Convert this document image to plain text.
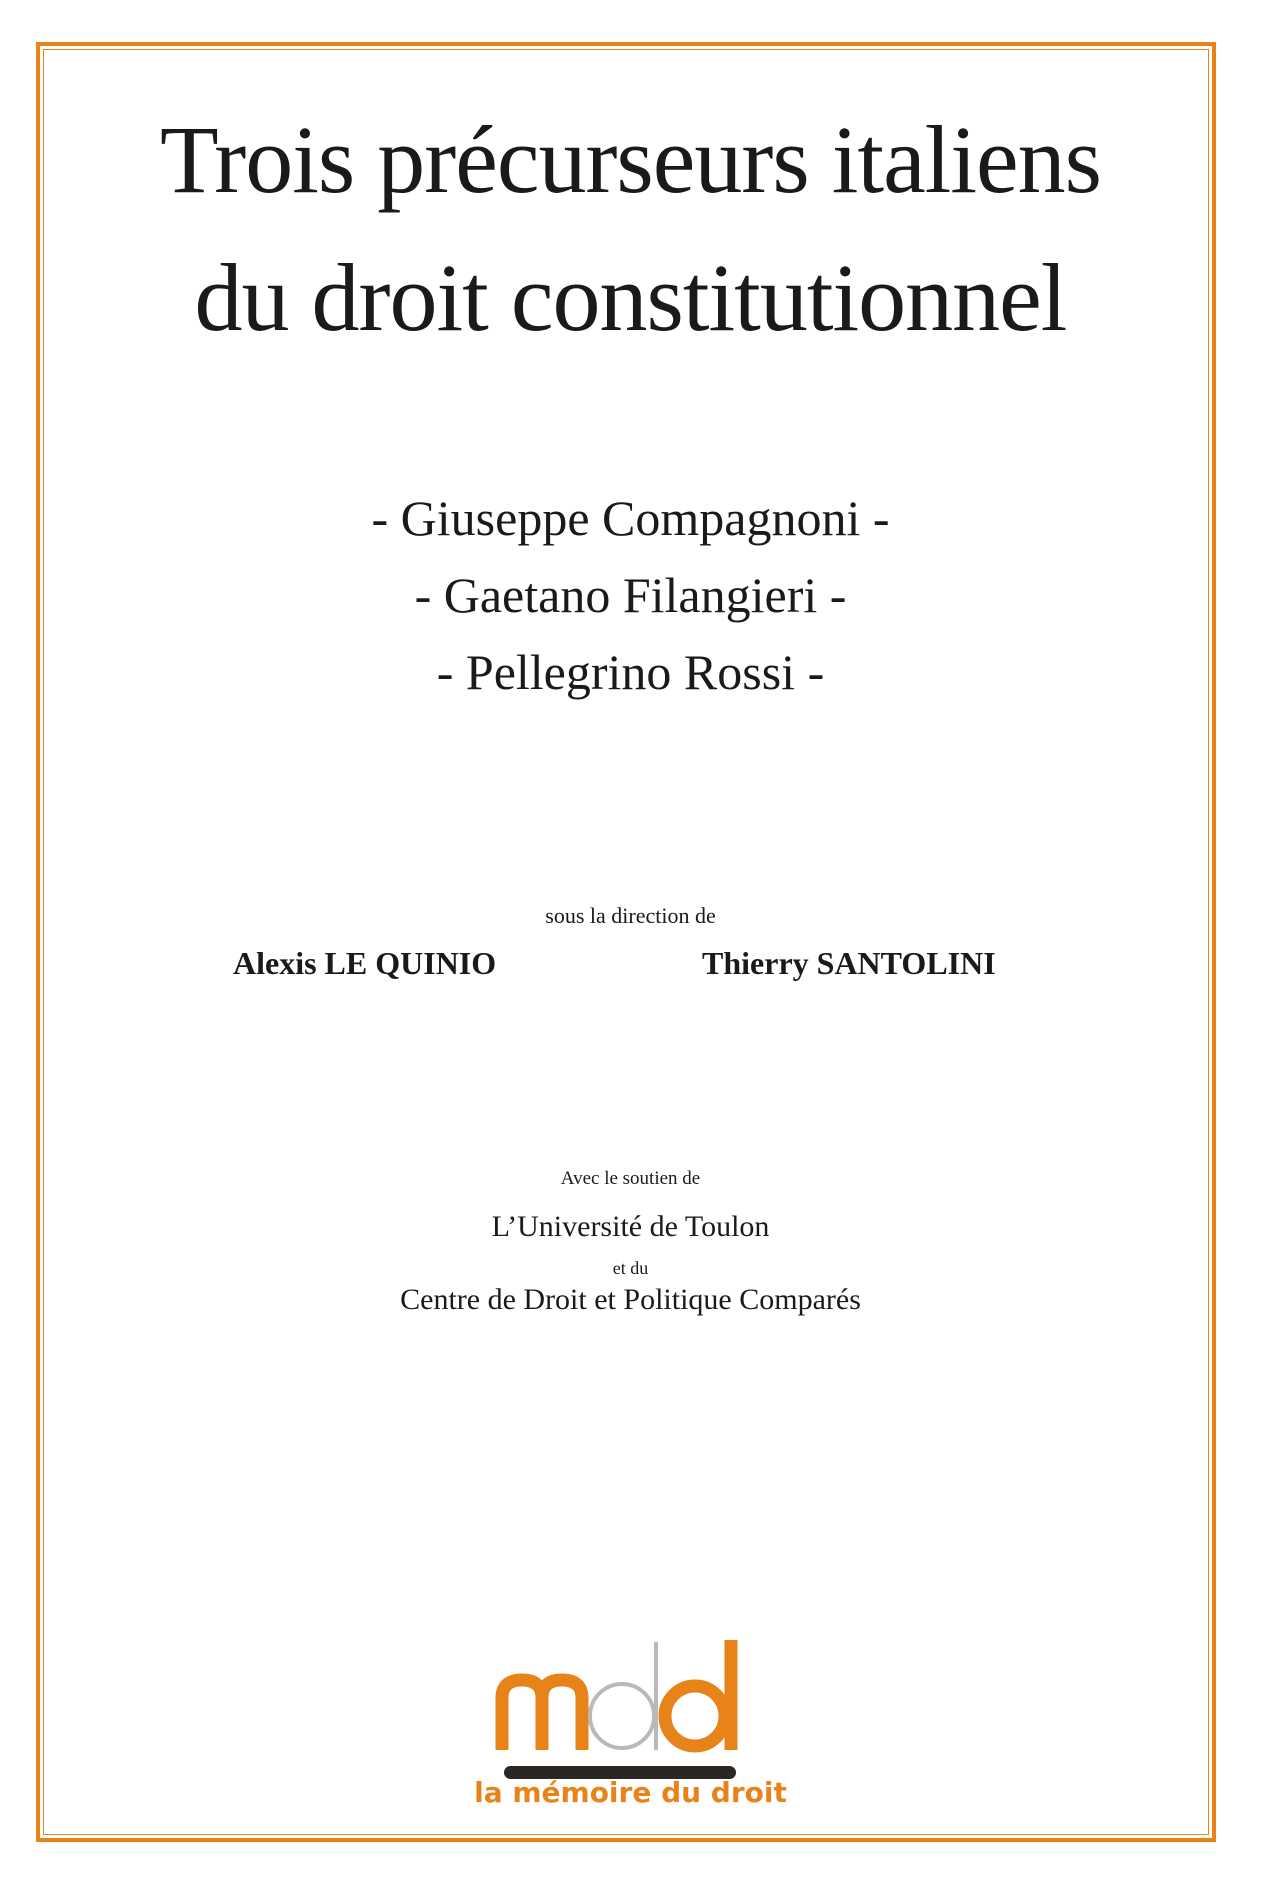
Trois précurseurs italiens
du droit constitutionnel
- Giuseppe Compagnoni -
- Gaetano Filangieri -
- Pellegrino Rossi -
sous la direction de
Alexis LE QUINIO	Thierry SANTOLINI
Avec le soutien de
L’Université de Toulon
et du
Centre de Droit et Politique Comparés
la mémoire du droit
